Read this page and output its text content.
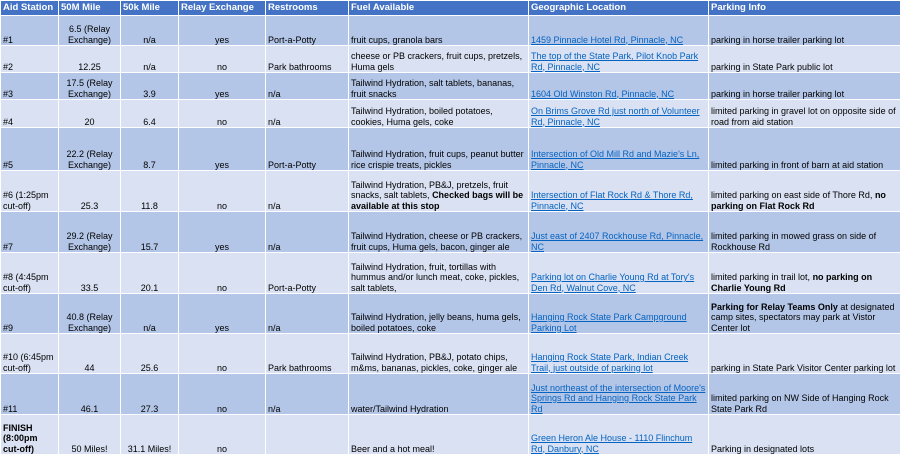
Aid Station	50M Mile	50k Mile	Relay Exchange	Restrooms	Fuel Available	Geographic Location	Parking Info
#1	6.5 (Relay Exchange)	n/a	yes	Port-a-Potty	fruit cups, granola bars	1459 Pinnacle Hotel Rd, Pinnacle, NC	parking in horse trailer parking lot
#2	12.25	n/a	no	Park bathrooms	cheese or PB crackers, fruit cups, pretzels, Huma gels	The top of the State Park, Pilot Knob Park Rd, Pinnacle, NC	parking in State Park public lot
#3	17.5 (Relay Exchange)	3.9	yes	n/a	Tailwind Hydration, salt tablets, bananas, fruit snacks	1604 Old Winston Rd, Pinnacle, NC	parking in horse trailer parking lot
#4	20	6.4	no	n/a	Tailwind Hydration, boiled potatoes, cookies, Huma gels, coke	On Brims Grove Rd just north of Volunteer Rd, Pinnacle, NC	limited parking in gravel lot on opposite side of road from aid station
#5	22.2 (Relay Exchange)	8.7	yes	Port-a-Potty	Tailwind Hydration, fruit cups, peanut butter rice crispie treats, pickles	Intersection of Old Mill Rd and Mazie's Ln, Pinnacle, NC	limited parking in front of barn at aid station
#6 (1:25pm cut-off)	25.3	11.8	no	n/a	Tailwind Hydration, PB&J, pretzels, fruit snacks, salt tablets, Checked bags will be available at this stop	Intersection of Flat Rock Rd & Thore Rd, Pinnacle, NC	limited parking on east side of Thore Rd, no parking on Flat Rock Rd
#7	29.2 (Relay Exchange)	15.7	yes	n/a	Tailwind Hydration, cheese or PB crackers, fruit cups, Huma gels, bacon, ginger ale	Just east of 2407 Rockhouse Rd, Pinnacle, NC	limited parking in mowed grass on side of Rockhouse Rd
#8 (4:45pm cut-off)	33.5	20.1	no	Port-a-Potty	Tailwind Hydration, fruit, tortillas with hummus and/or lunch meat, coke, pickles, salt tablets,	Parking lot on Charlie Young Rd at Tory's Den Rd, Walnut Cove, NC	limited parking in trail lot, no parking on Charlie Young Rd
#9	40.8 (Relay Exchange)	n/a	yes	n/a	Tailwind Hydration, jelly beans, huma gels, boiled potatoes, coke	Hanging Rock State Park Campground Parking Lot	Parking for Relay Teams Only at designated camp sites, spectators may park at Vistor Center lot
#10 (6:45pm cut-off)	44	25.6	no	Park bathrooms	Tailwind Hydration, PB&J, potato chips, m&ms, bananas, pickles, coke, ginger ale	Hanging Rock State Park, Indian Creek Trail, just outside of parking lot	parking in State Park Visitor Center parking lot
#11	46.1	27.3	no	n/a	water/Tailwind Hydration	Just northeast of the intersection of Moore's Springs Rd and Hanging Rock State Park Rd	limited parking on NW Side of Hanging Rock State Park Rd
FINISH (8:00pm cut-off)	50 Miles!	31.1 Miles!	no		Beer and a hot meal!	Green Heron Ale House - 1110 Flinchum Rd, Danbury, NC	Parking in designated lots
